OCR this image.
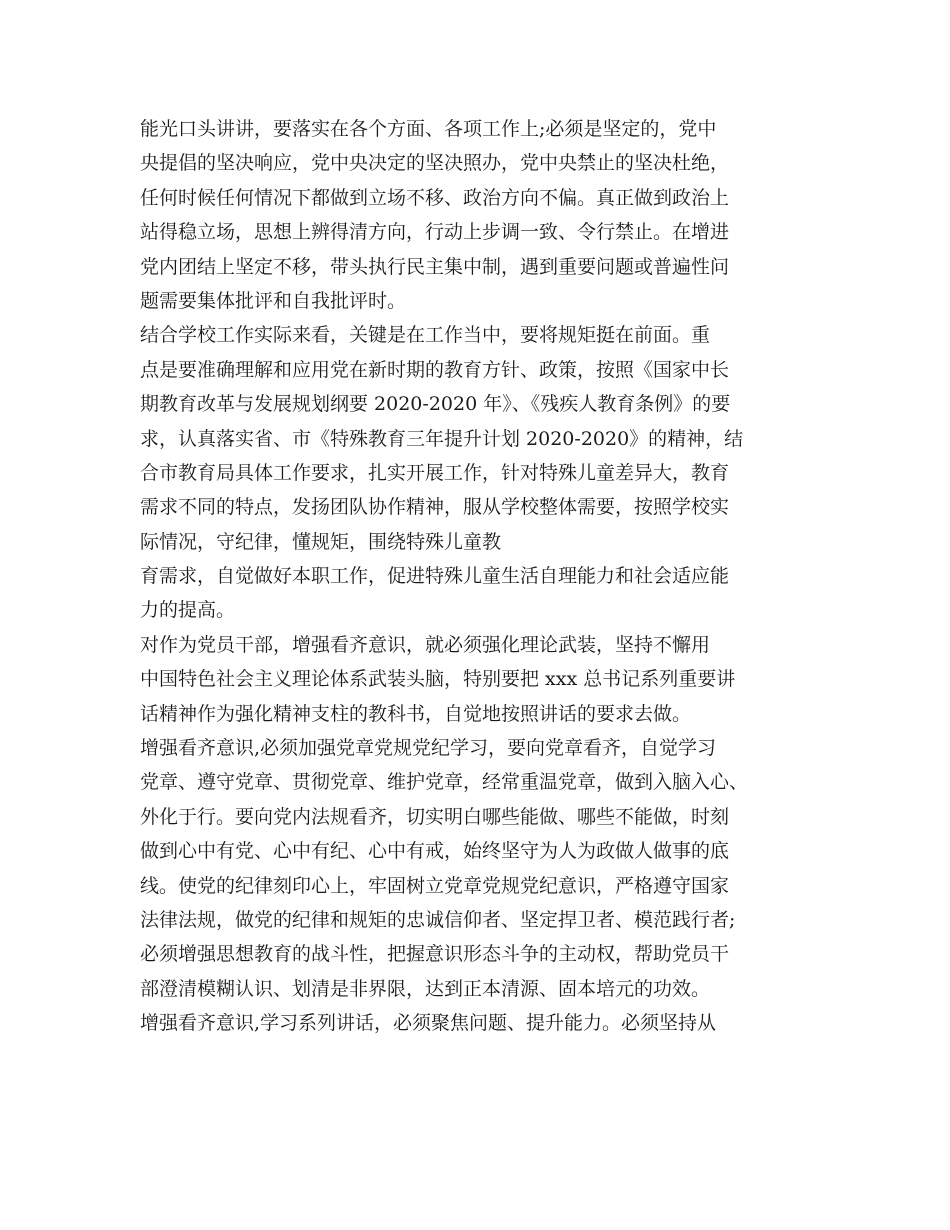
能光口头讲讲，要落实在各个方面、各项工作上;必须是坚定的，党中
央提倡的坚决响应，党中央决定的坚决照办，党中央禁止的坚决杜绝，
任何时候任何情况下都做到立场不移、政治方向不偏。真正做到政治上
站得稳立场，思想上辨得清方向，行动上步调一致、令行禁止。在增进
党内团结上坚定不移，带头执行民主集中制，遇到重要问题或普遍性问
题需要集体批评和自我批评时。
结合学校工作实际来看，关键是在工作当中，要将规矩挺在前面。重
点是要准确理解和应用党在新时期的教育方针、政策，按照《国家中长
期教育改革与发展规划纲要 2020-2020 年》、《残疾人教育条例》的要
求，认真落实省、市《特殊教育三年提升计划 2020-2020》的精神，结
合市教育局具体工作要求，扎实开展工作，针对特殊儿童差异大，教育
需求不同的特点，发扬团队协作精神，服从学校整体需要，按照学校实
际情况，守纪律，懂规矩，围绕特殊儿童教
育需求，自觉做好本职工作，促进特殊儿童生活自理能力和社会适应能
力的提高。
对作为党员干部，增强看齐意识，就必须强化理论武装，坚持不懈用
中国特色社会主义理论体系武装头脑，特别要把 xxx 总书记系列重要讲
话精神作为强化精神支柱的教科书，自觉地按照讲话的要求去做。
增强看齐意识,必须加强党章党规党纪学习，要向党章看齐，自觉学习
党章、遵守党章、贯彻党章、维护党章，经常重温党章，做到入脑入心、
外化于行。要向党内法规看齐，切实明白哪些能做、哪些不能做，时刻
做到心中有党、心中有纪、心中有戒，始终坚守为人为政做人做事的底
线。使党的纪律刻印心上，牢固树立党章党规党纪意识，严格遵守国家
法律法规，做党的纪律和规矩的忠诚信仰者、坚定捍卫者、模范践行者;
必须增强思想教育的战斗性，把握意识形态斗争的主动权，帮助党员干
部澄清模糊认识、划清是非界限，达到正本清源、固本培元的功效。
增强看齐意识,学习系列讲话，必须聚焦问题、提升能力。必须坚持从
